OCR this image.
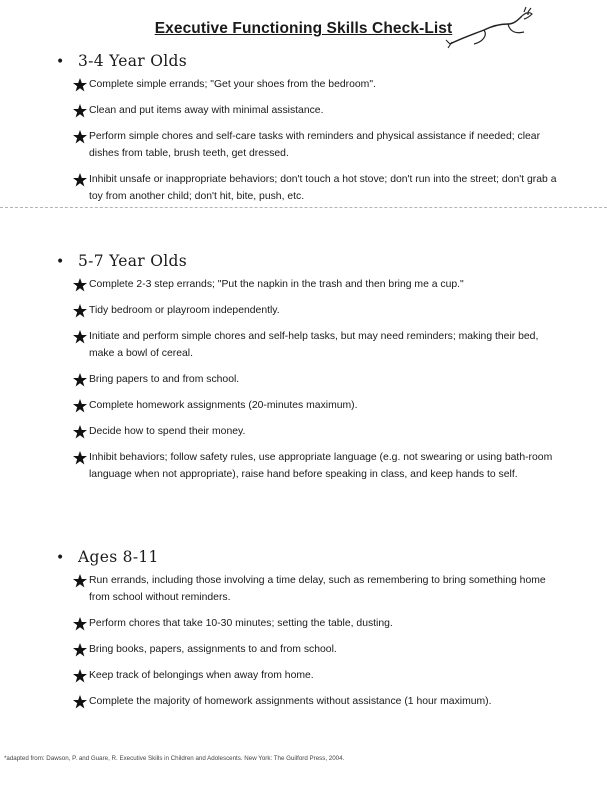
Executive Functioning Skills Check-List
• 3-4 Year Olds
Complete simple errands; "Get your shoes from the bedroom".
Clean and put items away with minimal assistance.
Perform simple chores and self-care tasks with reminders and physical assistance if needed; clear dishes from table, brush teeth, get dressed.
Inhibit unsafe or inappropriate behaviors; don't touch a hot stove; don't run into the street; don't grab a toy from another child; don't hit, bite, push, etc.
• 5-7 Year Olds
Complete 2-3 step errands; "Put the napkin in the trash and then bring me a cup."
Tidy bedroom or playroom independently.
Initiate and perform simple chores and self-help tasks, but may need reminders; making their bed, make a bowl of cereal.
Bring papers to and from school.
Complete homework assignments (20-minutes maximum).
Decide how to spend their money.
Inhibit behaviors; follow safety rules, use appropriate language (e.g. not swearing or using bath-room language when not appropriate), raise hand before speaking in class, and keep hands to self.
• Ages 8-11
Run errands, including those involving a time delay, such as remembering to bring something home from school without reminders.
Perform chores that take 10-30 minutes; setting the table, dusting.
Bring books, papers, assignments to and from school.
Keep track of belongings when away from home.
Complete the majority of homework assignments without assistance (1 hour maximum).
*adapted from: Dawson, P. and Guare, R. Executive Skills in Children and Adolescents. New York: The Guilford Press, 2004.
